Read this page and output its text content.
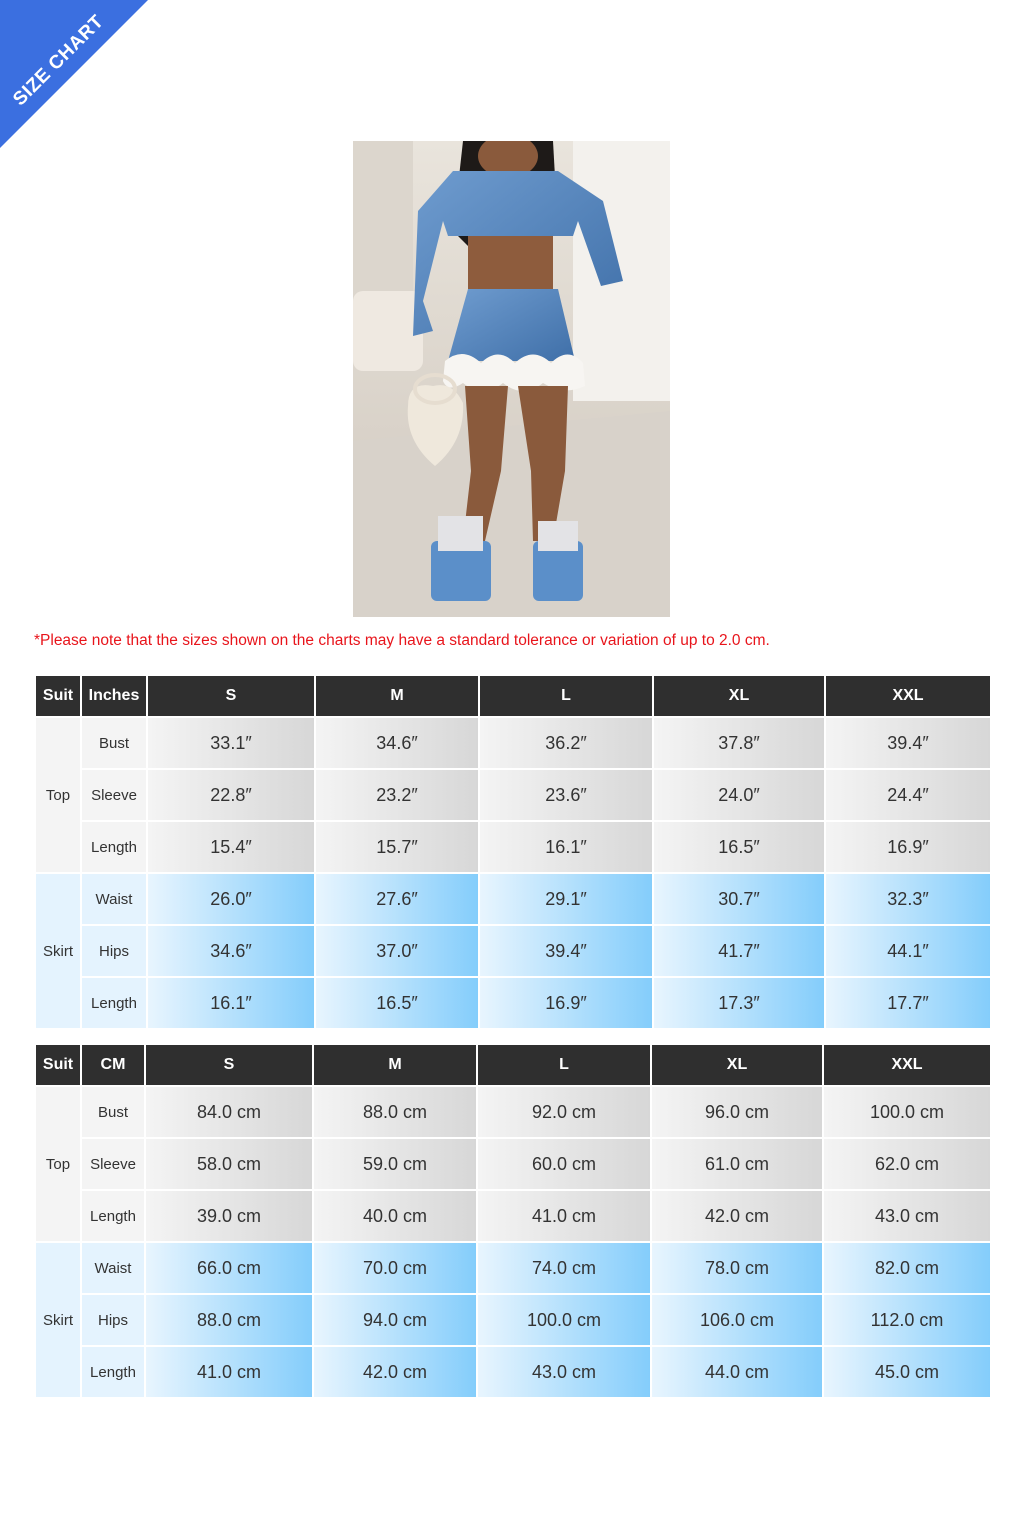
SIZE CHART
*Please note that the sizes shown on the charts may have a standard tolerance or variation of up to 2.0 cm.
Suit	Inches	S	M	L	XL	XXL
Top	Bust	33.1″	34.6″	36.2″	37.8″	39.4″
	Sleeve	22.8″	23.2″	23.6″	24.0″	24.4″
	Length	15.4″	15.7″	16.1″	16.5″	16.9″
Skirt	Waist	26.0″	27.6″	29.1″	30.7″	32.3″
	Hips	34.6″	37.0″	39.4″	41.7″	44.1″
	Length	16.1″	16.5″	16.9″	17.3″	17.7″
Suit	CM	S	M	L	XL	XXL
Top	Bust	84.0 cm	88.0 cm	92.0 cm	96.0 cm	100.0 cm
	Sleeve	58.0 cm	59.0 cm	60.0 cm	61.0 cm	62.0 cm
	Length	39.0 cm	40.0 cm	41.0 cm	42.0 cm	43.0 cm
Skirt	Waist	66.0 cm	70.0 cm	74.0 cm	78.0 cm	82.0 cm
	Hips	88.0 cm	94.0 cm	100.0 cm	106.0 cm	112.0 cm
	Length	41.0 cm	42.0 cm	43.0 cm	44.0 cm	45.0 cm
